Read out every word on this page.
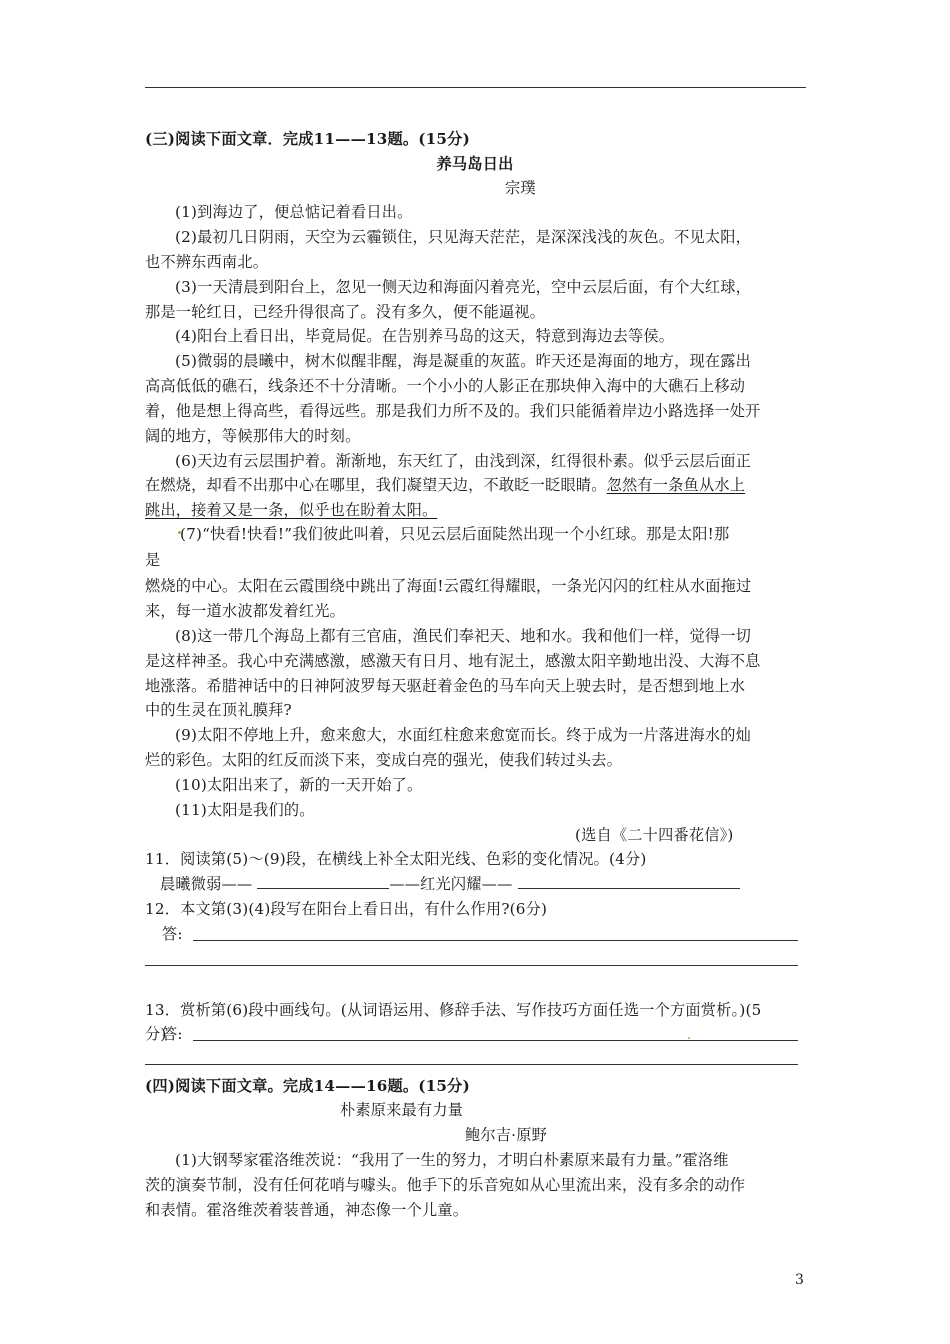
(三)阅读下面文章．完成11——13题。(15分)
养马岛日出
宗璞
(1)到海边了，便总惦记着看日出。
(2)最初几日阴雨，天空为云霾锁住，只见海天茫茫，是深深浅浅的灰色。不见太阳，
也不辨东西南北。
(3)一天清晨到阳台上，忽见一侧天边和海面闪着亮光，空中云层后面，有个大红球，
那是一轮红日，已经升得很高了。没有多久，便不能逼视。
(4)阳台上看日出，毕竟局促。在告别养马岛的这天，特意到海边去等侯。
(5)微弱的晨曦中，树木似醒非醒，海是凝重的灰蓝。昨天还是海面的地方，现在露出
高高低低的礁石，线条还不十分清晰。一个小小的人影正在那块伸入海中的大礁石上移动
着，他是想上得高些，看得远些。那是我们力所不及的。我们只能循着岸边小路选择一处开
阔的地方，等候那伟大的时刻。
(6)天边有云层围护着。渐渐地，东天红了，由浅到深，红得很朴素。似乎云层后面正
在燃烧，却看不出那中心在哪里，我们凝望天边，不敢眨一眨眼睛。忽然有一条鱼从水上
跳出，接着又是一条，似乎也在盼着太阳。
(7)“快看!快看!”我们彼此叫着，只见云层后面陡然出现一个小红球。那是太阳!那
是
燃烧的中心。太阳在云霞围绕中跳出了海面!云霞红得耀眼，一条光闪闪的红柱从水面拖过
来，每一道水波都发着红光。
(8)这一带几个海岛上都有三官庙，渔民们奉祀天、地和水。我和他们一样，觉得一切
是这样神圣。我心中充满感激，感激天有日月、地有泥土，感激太阳辛勤地出没、大海不息
地涨落。希腊神话中的日神阿波罗每天驱赶着金色的马车向天上驶去时，是否想到地上水
中的生灵在顶礼膜拜?
(9)太阳不停地上升，愈来愈大，水面红柱愈来愈宽而长。终于成为一片落进海水的灿
烂的彩色。太阳的红反而淡下来，变成白亮的强光，使我们转过头去。
(10)太阳出来了，新的一天开始了。
(11)太阳是我们的。
(选自《二十四番花信》)
11．阅读第(5)～(9)段，在横线上补全太阳光线、色彩的变化情况。(4分)
晨曦微弱——	——红光闪耀——
12．本文第(3)(4)段写在阳台上看日出，有什么作用?(6分)
答:
13．赏析第(6)段中画线句。(从词语运用、修辞手法、写作技巧方面任选一个方面赏析。)(5
分)
答:
(四)阅读下面文章。完成14——16题。(15分)
朴素原来最有力量
鲍尔吉·原野
(1)大钢琴家霍洛维茨说：“我用了一生的努力，才明白朴素原来最有力量。”霍洛维
茨的演奏节制，没有任何花哨与噱头。他手下的乐音宛如从心里流出来，没有多余的动作
和表情。霍洛维茨着装普通，神态像一个儿童。
3
